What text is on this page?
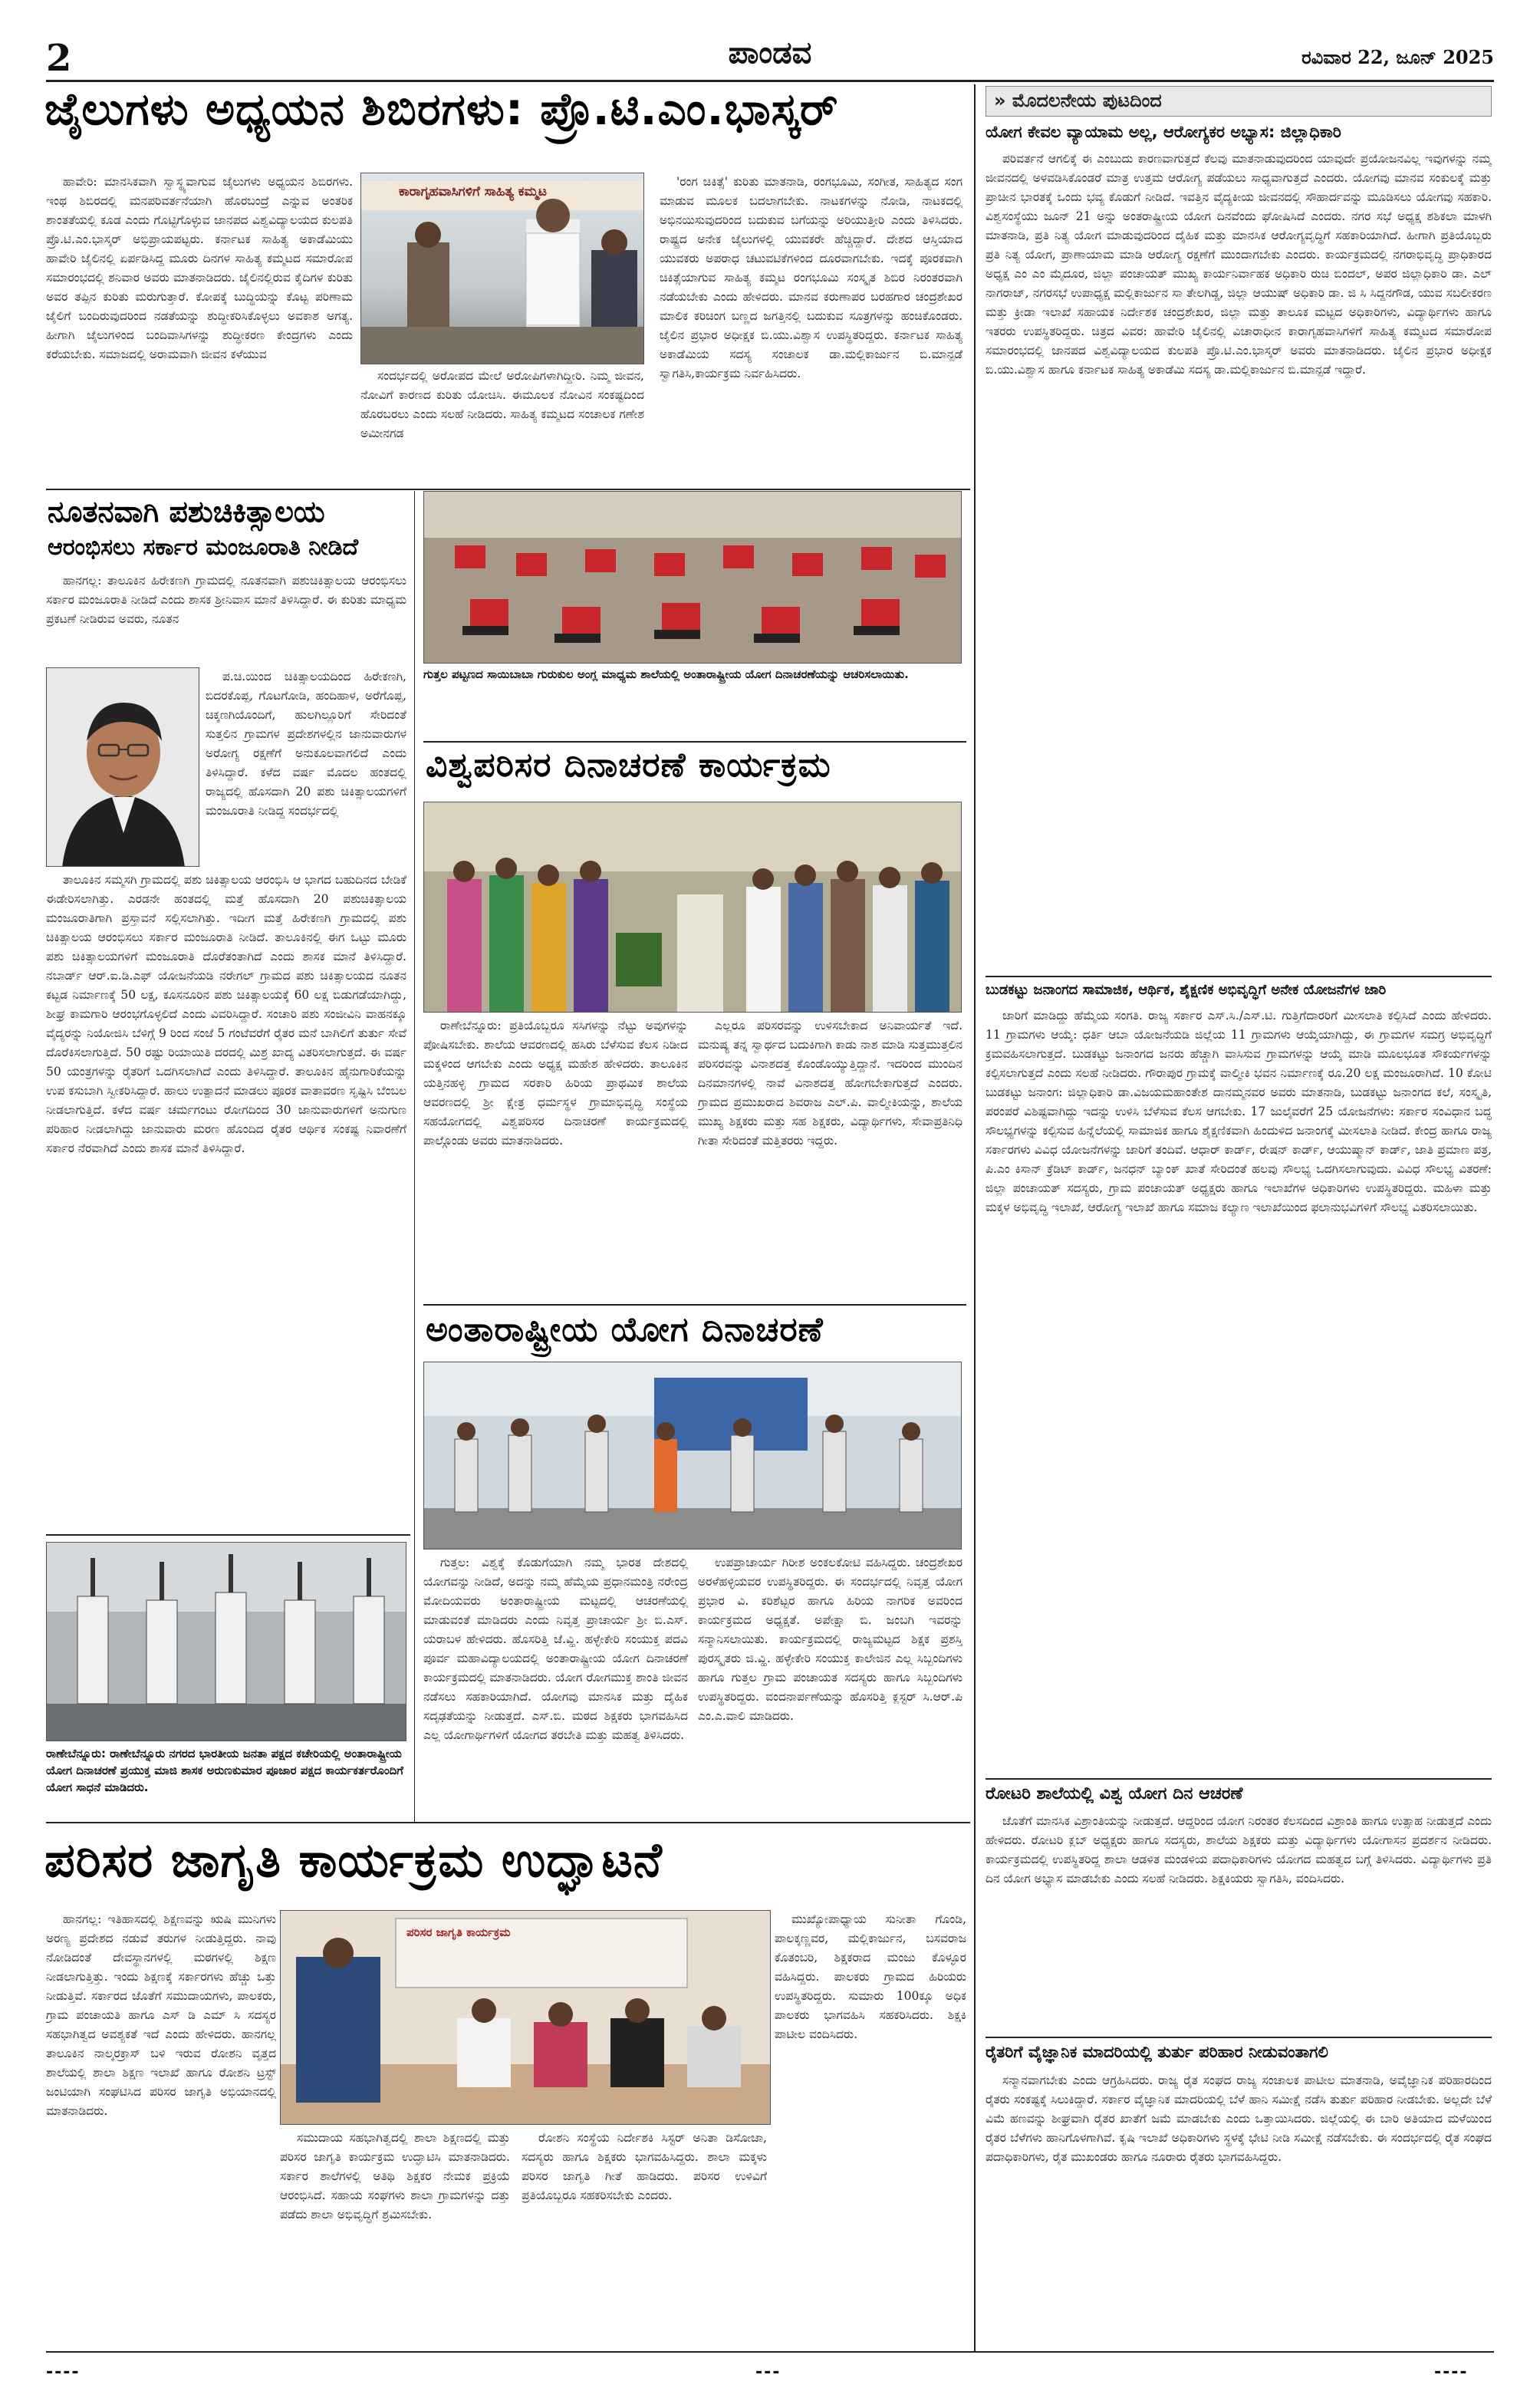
2	ಪಾಂಡವ	ರವಿವಾರ 22, ಜೂನ್ 2025
ಜೈಲುಗಳು ಅಧ್ಯಯನ ಶಿಬಿರಗಳು: ಪ್ರೊ.ಟಿ.ಎಂ.ಭಾಸ್ಕರ್

ಹಾವೇರಿ: ಮಾನಸಿಕವಾಗಿ ಸ್ವಾಸ್ಥ್ಯವಾಗುವ ಜೈಲುಗಳು ಅಧ್ಯಯನ ಶಿಬಿರಗಳು. ಇಂಥ ಶಿಬಿರದಲ್ಲಿ ಮನಪರಿವರ್ತನೆಯಾಗಿ ಹೊರಬಂದ್ರೆ ಎನ್ನುವ ಅಂತರಿಕ ಶಾಂತತೆಯಲ್ಲಿ ಕೂಡ ಎಂದು ಗೊಟ್ಟಿಗೊಳ್ಳುವ ಜಾನಪದ ವಿಶ್ವವಿದ್ಯಾಲಯದ ಕುಲಪತಿ ಪ್ರೊ.ಟಿ.ಎಂ.ಭಾಸ್ಕರ್ ಅಭಿಪ್ರಾಯಪಟ್ಟರು. ಕರ್ನಾಟಕ ಸಾಹಿತ್ಯ ಅಕಾಡೆಮಿಯು ಹಾವೇರಿ ಜೈಲಿನಲ್ಲಿ ಏರ್ಪಡಿಸಿದ್ದ ಮೂರು ದಿನಗಳ ಸಾಹಿತ್ಯ ಕಮ್ಮಟದ ಸಮಾರೋಪ ಸಮಾರಂಭದಲ್ಲಿ ಶನಿವಾರ ಅವರು ಮಾತನಾಡಿದರು. ಜೈಲಿನಲ್ಲಿರುವ ಕೈದಿಗಳ ಕುರಿತು ಅವರ ತಪ್ಪಿನ ಕುರಿತು ಮರುಗುತ್ತಾರೆ. ಕೋಪಕ್ಕೆ ಬುದ್ಧಿಯನ್ನು ಕೊಟ್ಟ ಪರಿಣಾಮ ಜೈಲಿಗೆ ಬಂದಿರುವುದರಿಂದ ನಡತೆಯನ್ನು ಶುದ್ಧೀಕರಿಸಿಕೊಳ್ಳಲು ಅವಕಾಶ ಅಗತ್ಯ. ಹೀಗಾಗಿ ಜೈಲುಗಳಿಂದ ಬಂದಿವಾಸಿಗಳನ್ನು ಶುದ್ಧೀಕರಣ ಕೇಂದ್ರಗಳು ಎಂದು ಕರೆಯಬೇಕು. ಸಮಾಜದಲ್ಲಿ ಅರಾಮವಾಗಿ ಜೀವನ ಕಳೆಯುವ

ಕಾರಾಗೃಹವಾಸಿಗಳಿಗೆ ಸಾಹಿತ್ಯ ಕಮ್ಮಟ

ಸಂದರ್ಭದಲ್ಲಿ ಅರೋಪದ ಮೇಲೆ ಅರೋಪಿಗಳಾಗಿದ್ದೀರಿ. ನಿಮ್ಮ ಜೀವನ, ನೋವಿಗೆ ಕಾರಣದ ಕುರಿತು ಯೋಚಿಸಿ. ಈಮೂಲಕ ನೋವಿನ ಸಂಕಷ್ಟದಿಂದ ಹೊರಬರಲು ಎಂದು ಸಲಹೆ ನೀಡಿದರು. ಸಾಹಿತ್ಯ ಕಮ್ಮಟದ ಸಂಚಾಲಕ ಗಣೇಶ ಅಮೀನಗಡ

'ರಂಗ ಚಿಕಿತ್ಸೆ' ಕುರಿತು ಮಾತನಾಡಿ, ರಂಗಭೂಮಿ, ಸಂಗೀತ, ಸಾಹಿತ್ಯದ ಸಂಗ ಮಾಡುವ ಮೂಲಕ ಬದಲಾಗಬೇಕು. ನಾಟಕಗಳನ್ನು ನೋಡಿ, ನಾಟಕದಲ್ಲಿ ಅಭಿನಯಿಸುವುದರಿಂದ ಬದುಕುವ ಬಗೆಯನ್ನು ಅರಿಯುತ್ತೀರಿ ಎಂದು ತಿಳಿಸಿದರು. ರಾಷ್ಟ್ರದ ಅನೇಕ ಜೈಲುಗಳಲ್ಲಿ ಯುವಕರೇ ಹೆಚ್ಚಿದ್ದಾರೆ. ದೇಶದ ಆಸ್ತಿಯಾದ ಯುವಕರು ಅಪರಾಧ ಚಟುವಟಿಕೆಗಳಿಂದ ದೂರವಾಗಬೇಕು. ಇದಕ್ಕೆ ಪೂರಕವಾಗಿ ಚಿಕಿತ್ಸೆಯಾಗುವ ಸಾಹಿತ್ಯ ಕಮ್ಮಟ ರಂಗಭೂಮಿ ಸಂಸ್ಕೃತ ಶಿಬಿರ ನಿರಂತರವಾಗಿ ನಡೆಯಬೇಕು ಎಂದು ಹೇಳಿದರು. ಮಾನವ ಕರುಣಾಪರ ಬರಹಗಾರ ಚಂದ್ರಶೇಖರ ಮಾಲಿಕ ಕರಿಚಿಂಗ ಬಣ್ಣದ ಜಗತ್ತಿನಲ್ಲಿ ಬದುಕುವ ಸೂತ್ರಗಳನ್ನು ಹಂಚಿಕೊಂಡರು. ಜೈಲಿನ ಪ್ರಭಾರ ಅಧೀಕ್ಷಕ ಬಿ.ಯು.ವಿಶ್ವಾಸ ಉಪಸ್ಥಿತರಿದ್ದರು. ಕರ್ನಾಟಕ ಸಾಹಿತ್ಯ ಅಕಾಡೆಮಿಯ ಸದಸ್ಯ ಸಂಚಾಲಕ ಡಾ.ಮಲ್ಲಿಕಾರ್ಜುನ ಬಿ.ಮಾನ್ಪಡೆ ಸ್ವಾಗತಿಸಿ,ಕಾರ್ಯಕ್ರಮ ನಿರ್ವಹಿಸಿದರು.

ನೂತನವಾಗಿ ಪಶುಚಿಕಿತ್ಸಾಲಯ
ಆರಂಭಿಸಲು ಸರ್ಕಾರ ಮಂಜೂರಾತಿ ನೀಡಿದೆ

ಹಾನಗಲ್ಲ: ತಾಲೂಕಿನ ಹಿರೇಕಣಗಿ ಗ್ರಾಮದಲ್ಲಿ ನೂತನವಾಗಿ ಪಶುಚಿಕಿತ್ಸಾಲಯ ಆರಂಭಿಸಲು ಸರ್ಕಾರ ಮಂಜೂರಾತಿ ನೀಡಿದೆ ಎಂದು ಶಾಸಕ ಶ್ರೀನಿವಾಸ ಮಾನೆ ತಿಳಿಸಿದ್ದಾರೆ. ಈ ಕುರಿತು ಮಾಧ್ಯಮ ಪ್ರಕಟಣೆ ನೀಡಿರುವ ಅವರು, ನೂತನ

ಪ.ಚಿ.ಯಿಂದ ಚಿಕಿತ್ಸಾಲಯದಿಂದ ಹಿರೇಕಣಗಿ, ಬಿದರಕೊಪ್ಪ, ಗೊಟಗೋಡಿ, ಹಂದಿಹಾಳ, ಅರೆಗೊಪ್ಪ, ಚಿಕ್ಕಣಗಿಯೊಂದಿಗೆ, ಹುಲಗಿಲ್ಲೂರಿಗೆ ಸೇರಿದಂತೆ ಸುತ್ತಲಿನ ಗ್ರಾಮಗಳ ಪ್ರದೇಶಗಳಲ್ಲಿನ ಜಾನುವಾರುಗಳ ಅರೋಗ್ಯ ರಕ್ಷಣೆಗೆ ಅನುಕೂಲವಾಗಲಿದೆ ಎಂದು ತಿಳಿಸಿದ್ದಾರೆ. ಕಳೆದ ವರ್ಷ ಮೊದಲ ಹಂತದಲ್ಲಿ ರಾಜ್ಯದಲ್ಲಿ ಹೊಸದಾಗಿ 20 ಪಶು ಚಿಕಿತ್ಸಾಲಯಗಳಿಗೆ ಮಂಜೂರಾತಿ ನೀಡಿದ್ದ ಸಂದರ್ಭದಲ್ಲಿ

ತಾಲೂಕಿನ ಸಮ್ಮಸಗಿ ಗ್ರಾಮದಲ್ಲಿ ಪಶು ಚಿಕಿತ್ಸಾಲಯ ಆರಂಭಿಸಿ ಆ ಭಾಗದ ಬಹುದಿನದ ಬೇಡಿಕೆ ಈಡೇರಿಸಲಾಗಿತ್ತು. ಎರಡನೇ ಹಂತದಲ್ಲಿ ಮತ್ತೆ ಹೊಸದಾಗಿ 20 ಪಶುಚಿಕಿತ್ಸಾಲಯ ಮಂಜೂರಾತಿಗಾಗಿ ಪ್ರಸ್ತಾವನೆ ಸಲ್ಲಿಸಲಾಗಿತ್ತು. ಇದೀಗ ಮತ್ತೆ ಹಿರೇಕಣಗಿ ಗ್ರಾಮದಲ್ಲಿ ಪಶು ಚಿಕಿತ್ಸಾಲಯ ಆರಂಭಿಸಲು ಸರ್ಕಾರ ಮಂಜೂರಾತಿ ನೀಡಿದೆ. ತಾಲೂಕಿನಲ್ಲಿ ಈಗ ಒಟ್ಟು ಮೂರು ಪಶು ಚಿಕಿತ್ಸಾಲಯಗಳಿಗೆ ಮಂಜೂರಾತಿ ದೊರೆತಂತಾಗಿದೆ ಎಂದು ಶಾಸಕ ಮಾನೆ ತಿಳಿಸಿದ್ದಾರೆ. ನಬಾರ್ಡ್ ಆರ್.ಐ.ಡಿ.ಎಫ್ ಯೋಜನೆಯಡಿ ನರೇಗಲ್ ಗ್ರಾಮದ ಪಶು ಚಿಕಿತ್ಸಾಲಯದ ನೂತನ ಕಟ್ಟಡ ನಿರ್ಮಾಣಕ್ಕೆ 50 ಲಕ್ಷ, ಕೂಸನೂರಿನ ಪಶು ಚಿಕಿತ್ಸಾಲಯಕ್ಕೆ 60 ಲಕ್ಷ ಬಿಡುಗಡೆಯಾಗಿದ್ದು, ಶೀಘ್ರ ಕಾಮಗಾರಿ ಆರಂಭಗೊಳ್ಳಲಿದೆ ಎಂದು ವಿವರಿಸಿದ್ದಾರೆ. ಸಂಚಾರಿ ಪಶು ಸಂಜೀವಿನಿ ವಾಹನಕ್ಕೂ ವೈದ್ಯರನ್ನು ನಿಯೋಜಿಸಿ ಬೆಳಿಗ್ಗೆ 9 ರಿಂದ ಸಂಜೆ 5 ಗಂಟೆವರೆಗೆ ರೈತರ ಮನೆ ಬಾಗಿಲಿಗೆ ತುರ್ತು ಸೇವೆ ದೊರೆಕಿಸಲಾಗುತ್ತಿದೆ. 50 ರಷ್ಟು ರಿಯಾಯಿತಿ ದರದಲ್ಲಿ ಮಿಶ್ರ ಖಾದ್ಯ ವಿತರಿಸಲಾಗುತ್ತದೆ. ಈ ವರ್ಷ 50 ಯಂತ್ರಗಳನ್ನು ರೈತರಿಗೆ ಒದಗಿಸಲಾಗಿದೆ ಎಂದು ತಿಳಿಸಿದ್ದಾರೆ. ತಾಲೂಕಿನ ಹೈನುಗಾರಿಕೆಯನ್ನು ಉಪ ಕಸುಬಾಗಿ ಸ್ವೀಕರಿಸಿದ್ದಾರೆ. ಹಾಲು ಉತ್ಪಾದನೆ ಮಾಡಲು ಪೂರಕ ವಾತಾವರಣ ಸೃಷ್ಟಿಸಿ ಬೆಂಬಲ ನೀಡಲಾಗುತ್ತಿದೆ. ಕಳೆದ ವರ್ಷ ಚರ್ಮಗಂಟು ರೋಗದಿಂದ 30 ಜಾನುವಾರುಗಳಿಗೆ ಅನುಗುಣ ಪರಿಹಾರ ನೀಡಲಾಗಿದ್ದು ಜಾನುವಾರು ಮರಣ ಹೊಂದಿದ ರೈತರ ಆರ್ಥಿಕ ಸಂಕಷ್ಟ ನಿವಾರಣೆಗೆ ಸರ್ಕಾರ ನೆರವಾಗಿದೆ ಎಂದು ಶಾಸಕ ಮಾನೆ ತಿಳಿಸಿದ್ದಾರೆ.

ಗುತ್ತಲ ಪಟ್ಟಣದ ಸಾಯಿಬಾಬಾ ಗುರುಕುಲ ಅಂಗ್ಲ ಮಾಧ್ಯಮ ಶಾಲೆಯಲ್ಲಿ ಅಂತಾರಾಷ್ಟ್ರೀಯ ಯೋಗ ದಿನಾಚರಣೆಯನ್ನು ಆಚರಿಸಲಾಯಿತು.
ವಿಶ್ವಪರಿಸರ ದಿನಾಚರಣೆ ಕಾರ್ಯಕ್ರಮ

ರಾಣೇಬೆನ್ನೂರು: ಪ್ರತಿಯೊಬ್ಬರೂ ಸಸಿಗಳನ್ನು ನೆಟ್ಟು ಅವುಗಳನ್ನು ಪೋಷಿಸಬೇಕು. ಶಾಲೆಯ ಆವರಣದಲ್ಲಿ ಹಸಿರು ಬೆಳೆಸುವ ಕೆಲಸ ನಿಡೀದ ಮಕ್ಕಳಿಂದ ಆಗಬೇಕು ಎಂದು ಅಧ್ಯಕ್ಷ ಮಹೇಶ ಹೇಳಿದರು. ತಾಲೂಕಿನ ಯತ್ತಿನಹಳ್ಳಿ ಗ್ರಾಮದ ಸರಕಾರಿ ಹಿರಿಯ ಪ್ರಾಥಮಿಕ ಶಾಲೆಯ ಆವರಣದಲ್ಲಿ ಶ್ರೀ ಕ್ಷೇತ್ರ ಧರ್ಮಸ್ಥಳ ಗ್ರಾಮಾಭಿವೃದ್ಧಿ ಸಂಸ್ಥೆಯ ಸಹಯೋಗದಲ್ಲಿ ವಿಶ್ವಪರಿಸರ ದಿನಾಚರಣೆ ಕಾರ್ಯಕ್ರಮದಲ್ಲಿ ಪಾಲ್ಗೊಂಡು ಅವರು ಮಾತನಾಡಿದರು.

ಎಲ್ಲರೂ ಪರಿಸರವನ್ನು ಉಳಿಸಬೇಕಾದ ಅನಿವಾರ್ಯತೆ ಇದೆ. ಮನುಷ್ಯ ತನ್ನ ಸ್ವಾರ್ಥದ ಬದುಕಿಗಾಗಿ ಕಾಡು ನಾಶ ಮಾಡಿ ಸುತ್ತಮುತ್ತಲಿನ ಪರಿಸರವನ್ನು ವಿನಾಶದತ್ತ ಕೊಂಡೊಯ್ಯುತ್ತಿದ್ದಾನೆ. ಇದರಿಂದ ಮುಂದಿನ ದಿನಮಾನಗಳಲ್ಲಿ ನಾವೆ ವಿನಾಶದತ್ತ ಹೋಗಬೇಕಾಗುತ್ತದೆ ಎಂದರು. ಗ್ರಾಮದ ಪ್ರಮುಖರಾದ ಶಿವರಾಜ ಎಲ್.ಪಿ. ವಾಲ್ಮೀಕಿಯನ್ನು, ಶಾಲೆಯ ಮುಖ್ಯ ಶಿಕ್ಷಕರು ಮತ್ತು ಸಹ ಶಿಕ್ಷಕರು, ವಿದ್ಯಾರ್ಥಿಗಳು, ಸೇವಾಪ್ರತಿನಿಧಿ ಗೀತಾ ಸೇರಿದಂತೆ ಮತ್ತಿತರರು ಇದ್ದರು.

ಅಂತಾರಾಷ್ಟ್ರೀಯ ಯೋಗ ದಿನಾಚರಣೆ

ಗುತ್ತಲ: ವಿಶ್ವಕ್ಕೆ ಕೊಡುಗೆಯಾಗಿ ನಮ್ಮ ಭಾರತ ದೇಶದಲ್ಲಿ ಯೋಗವನ್ನು ನೀಡಿದೆ, ಅದನ್ನು ನಮ್ಮ ಹೆಮ್ಮೆಯ ಪ್ರಧಾನಮಂತ್ರಿ ನರೇಂದ್ರ ಮೋದಿಯವರು ಅಂತಾರಾಷ್ಟ್ರೀಯ ಮಟ್ಟದಲ್ಲಿ ಆಚರಣೆಯಲ್ಲಿ ಮಾಡುವಂತೆ ಮಾಡಿದರು ಎಂದು ನಿವೃತ್ತ ಪ್ರಾಚಾರ್ಯ ಶ್ರೀ ಬಿ.ಎಸ್. ಯರಾಬಳ ಹೇಳಿದರು. ಹೊಸರಿತ್ತಿ ಜೆ.ವ್ಹಿ. ಹಳ್ಳೇಕೇರಿ ಸಂಯುಕ್ತ ಪದವಿ ಪೂರ್ವ ಮಹಾವಿದ್ಯಾಲಯದಲ್ಲಿ ಅಂತಾರಾಷ್ಟ್ರೀಯ ಯೋಗ ದಿನಾಚರಣೆ ಕಾರ್ಯಕ್ರಮದಲ್ಲಿ ಮಾತನಾಡಿದರು. ಯೋಗ ರೋಗಮುಕ್ತ ಶಾಂತಿ ಜೀವನ ನಡೆಸಲು ಸಹಕಾರಿಯಾಗಿದೆ. ಯೋಗವು ಮಾನಸಿಕ ಮತ್ತು ದೈಹಿಕ ಸದೃಢತೆಯನ್ನು ನೀಡುತ್ತದೆ. ಎಸ್.ಬಿ. ಮಠದ ಶಿಕ್ಷಕರು ಭಾಗವಹಿಸಿದ ಎಲ್ಲ ಯೋಗಾರ್ಥಿಗಳಿಗೆ ಯೋಗದ ತರಬೇತಿ ಮತ್ತು ಮಹತ್ವ ತಿಳಿಸಿದರು.

ಉಪಪ್ರಾಚಾರ್ಯ ಗಿರೀಶ ಅಂಕಲಕೋಟಿ ವಹಿಸಿದ್ದರು. ಚಂದ್ರಶೇಖರ ಅರಳೆಹಳ್ಳಿಯವರ ಉಪಸ್ಥಿತರಿದ್ದರು. ಈ ಸಂದರ್ಭದಲ್ಲಿ ನಿವೃತ್ತ ಯೋಗ ಪ್ರಭಾರ ವಿ. ಕರಿಶೆಟ್ಟರ ಹಾಗೂ ಹಿರಿಯ ನಾಗರಿಕ ಅವರಿಂದ ಕಾರ್ಯಕ್ರಮದ ಅಧ್ಯಕ್ಷತೆ. ಅಪೇಕ್ಷಾ ಬಿ. ಜಂಬಗಿ ಇವರನ್ನು ಸನ್ಮಾನಿಸಲಾಯಿತು. ಕಾರ್ಯಕ್ರಮದಲ್ಲಿ ರಾಜ್ಯಮಟ್ಟದ ಶಿಕ್ಷಕ ಪ್ರಶಸ್ತಿ ಪುರಸ್ಕೃತರು ಜಿ.ವ್ಹಿ. ಹಳ್ಳೇಕೇರಿ ಸಂಯುಕ್ತ ಕಾಲೇಜಿನ ಎಲ್ಲ ಸಿಬ್ಬಂದಿಗಳು ಹಾಗೂ ಗುತ್ತಲ ಗ್ರಾಮ ಪಂಚಾಯತ ಸದಸ್ಯರು ಹಾಗೂ ಸಿಬ್ಬಂದಿಗಳು ಉಪಸ್ಥಿತರಿದ್ದರು. ವಂದನಾರ್ಪಣೆಯನ್ನು ಹೊಸರಿತ್ತಿ ಕ್ಲಸ್ಟರ್ ಸಿ.ಆರ್.ಪಿ ಎಂ.ಎ.ವಾಲಿ ಮಾಡಿದರು.

ರಾಣೇಬೆನ್ನೂರು: ರಾಣೇಬೆನ್ನೂರು ನಗರದ ಭಾರತೀಯ ಜನತಾ ಪಕ್ಷದ ಕಚೇರಿಯಲ್ಲಿ ಅಂತಾರಾಷ್ಟ್ರೀಯ ಯೋಗ ದಿನಾಚರಣೆ ಪ್ರಯುಕ್ತ ಮಾಜಿ ಶಾಸಕ ಅರುಣಕುಮಾರ ಪೂಜಾರ ಪಕ್ಷದ ಕಾರ್ಯಕರ್ತರೊಂದಿಗೆ ಯೋಗ ಸಾಧನೆ ಮಾಡಿದರು.
ಪರಿಸರ ಜಾಗೃತಿ ಕಾರ್ಯಕ್ರಮ ಉದ್ಘಾಟನೆ

ಹಾನಗಲ್ಲ: ಇತಿಹಾಸದಲ್ಲಿ ಶಿಕ್ಷಣವನ್ನು ಋಷಿ ಮುನಿಗಳು ಅರಣ್ಯ ಪ್ರದೇಶದ ನಡುವೆ ತರುಗಳ ನೀಡುತ್ತಿದ್ದರು. ನಾವು ನೋಡಿದಂತೆ ದೇವಸ್ಥಾನಗಳಲ್ಲಿ ಮಠಗಳಲ್ಲಿ ಶಿಕ್ಷಣ ನೀಡಲಾಗುತ್ತಿತ್ತು. ಇಂದು ಶಿಕ್ಷಣಕ್ಕೆ ಸರ್ಕಾರಗಳು ಹೆಚ್ಚು ಒತ್ತು ನೀಡುತ್ತಿವೆ. ಸರ್ಕಾರದ ಜೊತೆಗೆ ಸಮುದಾಯಗಳು, ಪಾಲಕರು, ಗ್ರಾಮ ಪಂಚಾಯತಿ ಹಾಗೂ ಎಸ್ ಡಿ ಎಮ್ ಸಿ ಸದಸ್ಯರ ಸಹಭಾಗಿತ್ವದ ಅವಶ್ಯಕತೆ ಇದೆ ಎಂದು ಹೇಳಿದರು. ಹಾನಗಲ್ಲ ತಾಲೂಕಿನ ನಾಲ್ಕರಕ್ರಾಸ್ ಬಳಿ ಇರುವ ರೋಶನಿ ವೃತ್ತದ ಶಾಲೆಯಲ್ಲಿ ಶಾಲಾ ಶಿಕ್ಷಣ ಇಲಾಖೆ ಹಾಗೂ ರೋಶನಿ ಟ್ರಸ್ಟ್ ಜಂಟಿಯಾಗಿ ಸಂಘಟಿಸಿದ ಪರಿಸರ ಜಾಗೃತಿ ಅಭಿಯಾನದಲ್ಲಿ ಮಾತನಾಡಿದರು.

ಪರಿಸರ ಜಾಗೃತಿ ಕಾರ್ಯಕ್ರಮ

ಸಮುದಾಯ ಸಹಭಾಗಿತ್ವದಲ್ಲಿ ಶಾಲಾ ಶಿಕ್ಷಣದಲ್ಲಿ ಮತ್ತು ಪರಿಸರ ಜಾಗೃತಿ ಕಾರ್ಯಕ್ರಮ ಉದ್ಘಾಟಿಸಿ ಮಾತನಾಡಿದರು. ಸರ್ಕಾರ ಶಾಲೆಗಳಲ್ಲಿ ಅತಿಥಿ ಶಿಕ್ಷಕರ ನೇಮಕ ಪ್ರಕ್ರಿಯೆ ಆರಂಭಿಸಿದೆ. ಸಹಾಯ ಸಂಘಗಳು ಶಾಲಾ ಗ್ರಾಮಗಳನ್ನು ದತ್ತು ಪಡೆದು ಶಾಲಾ ಅಭಿವೃದ್ಧಿಗೆ ಶ್ರಮಿಸಬೇಕು.

ರೋಶನಿ ಸಂಸ್ಥೆಯ ನಿರ್ದೇಶಕಿ ಸಿಸ್ಟರ್ ಅನಿತಾ ಡಿಸೋಜಾ, ಸದಸ್ಯರು ಹಾಗೂ ಶಿಕ್ಷಕರು ಭಾಗವಹಿಸಿದ್ದರು. ಶಾಲಾ ಮಕ್ಕಳು ಪರಿಸರ ಜಾಗೃತಿ ಗೀತೆ ಹಾಡಿದರು. ಪರಿಸರ ಉಳಿವಿಗೆ ಪ್ರತಿಯೊಬ್ಬರೂ ಸಹಕರಿಸಬೇಕು ಎಂದರು.

ಮುಖ್ಯೋಪಾಧ್ಯಾಯ ಸುನೀತಾ ಗೊಂಡಿ, ಪಾಲಕ್ಕಣ್ಣವರ, ಮಲ್ಲಿಕಾರ್ಜುನ, ಬಸವರಾಜ ಕೊತಂಬರಿ, ಶಿಕ್ಷಕರಾದ ಮಂಜು ಕೊಳ್ಳೂರ ವಹಿಸಿದ್ದರು. ಪಾಲಕರು ಗ್ರಾಮದ ಹಿರಿಯರು ಉಪಸ್ಥಿತರಿದ್ದರು. ಸುಮಾರು 100ಕ್ಕೂ ಅಧಿಕ ಪಾಲಕರು ಭಾಗವಹಿಸಿ ಸಹಕರಿಸಿದರು. ಶಿಕ್ಷಕಿ ಪಾಟೀಲ ವಂದಿಸಿದರು.

» ಮೊದಲನೇಯ ಪುಟದಿಂದ
ಯೋಗ ಕೇವಲ ವ್ಯಾಯಾಮ ಅಲ್ಲ, ಆರೋಗ್ಯಕರ ಅಭ್ಯಾಸ: ಜಿಲ್ಲಾಧಿಕಾರಿ

ಪರಿವರ್ತನೆ ಆಗಲಿಕ್ಕೆ ಈ ಎಂಬುದು ಕಾರಣವಾಗುತ್ತದೆ ಕೆಲವು ಮಾತನಾಡುವುದರಿಂದ ಯಾವುದೇ ಪ್ರಯೋಜನವಿಲ್ಲ ಇವುಗಳನ್ನು ನಮ್ಮ ಜೀವನದಲ್ಲಿ ಅಳವಡಿಸಿಕೊಂಡರೆ ಮಾತ್ರ ಉತ್ತಮ ಆರೋಗ್ಯ ಪಡೆಯಲು ಸಾಧ್ಯವಾಗುತ್ತದೆ ಎಂದರು. ಯೋಗವು ಮಾನವ ಸಂಕುಲಕ್ಕೆ ಮತ್ತು ಪ್ರಾಚೀನ ಭಾರತಕ್ಕೆ ಒಂದು ಭವ್ಯ ಕೊಡುಗೆ ನೀಡಿದೆ. ಇವತ್ತಿನ ವೈದ್ಯಕೀಯ ಜೀವನದಲ್ಲಿ ಸೌಹಾರ್ದವನ್ನು ಮೂಡಿಸಲು ಯೋಗವು ಸಹಕಾರಿ. ವಿಶ್ವಸಂಸ್ಥೆಯು ಜೂನ್ 21 ಅನ್ನು ಅಂತರಾಷ್ಟ್ರೀಯ ಯೋಗ ದಿನವೆಂದು ಘೋಷಿಸಿದೆ ಎಂದರು. ನಗರ ಸಭೆ ಅಧ್ಯಕ್ಷ ಶಶಿಕಲಾ ಮಾಳಗಿ ಮಾತನಾಡಿ, ಪ್ರತಿ ನಿತ್ಯ ಯೋಗ ಮಾಡುವುದರಿಂದ ದೈಹಿಕ ಮತ್ತು ಮಾನಸಿಕ ಆರೋಗ್ಯವೃದ್ಧಿಗೆ ಸಹಕಾರಿಯಾಗಿದೆ. ಹೀಗಾಗಿ ಪ್ರತಿಯೊಬ್ಬರು ಪ್ರತಿ ನಿತ್ಯ ಯೋಗ, ಪ್ರಾಣಾಯಾಮ ಮಾಡಿ ಆರೋಗ್ಯ ರಕ್ಷಣೆಗೆ ಮುಂದಾಗಬೇಕು ಎಂದರು. ಕಾರ್ಯಕ್ರಮದಲ್ಲಿ ನಗರಾಭಿವೃದ್ಧಿ ಪ್ರಾಧಿಕಾರದ ಅಧ್ಯಕ್ಷ ಎಂ ಎಂ ಮೈದೂರ, ಜಿಲ್ಲಾ ಪಂಚಾಯತ್ ಮುಖ್ಯ ಕಾರ್ಯನಿರ್ವಾಹಕ ಅಧಿಕಾರಿ ರುಚಿ ಬಿಂದಲ್, ಅಪರ ಜಿಲ್ಲಾಧಿಕಾರಿ ಡಾ. ಎಲ್ ನಾಗರಾಜ್, ನಗರಸಭೆ ಉಪಾಧ್ಯಕ್ಷ ಮಲ್ಲಿಕಾರ್ಜುನ ಸಾ ತೇಲಗಿಡ್ಡ, ಜಿಲ್ಲಾ ಆಯುಷ್ ಅಧಿಕಾರಿ ಡಾ. ಜಿ ಸಿ ಸಿದ್ದನಗೌಡ, ಯುವ ಸಬಲೀಕರಣ ಮತ್ತು ಕ್ರೀಡಾ ಇಲಾಖೆ ಸಹಾಯಕ ನಿರ್ದೇಶಕ ಚಂದ್ರಶೇಖರ, ಜಿಲ್ಲಾ ಮತ್ತು ತಾಲೂಕ ಮಟ್ಟದ ಅಧಿಕಾರಿಗಳು, ವಿದ್ಯಾರ್ಥಿಗಳು ಹಾಗೂ ಇತರರು ಉಪಸ್ಥಿತರಿದ್ದರು. ಚಿತ್ರದ ವಿವರ: ಹಾವೇರಿ ಜೈಲಿನಲ್ಲಿ ವಿಚಾರಾಧೀನ ಕಾರಾಗೃಹವಾಸಿಗಳಿಗೆ ಸಾಹಿತ್ಯ ಕಮ್ಮಟದ ಸಮಾರೋಪ ಸಮಾರಂಭದಲ್ಲಿ ಜಾನಪದ ವಿಶ್ವವಿದ್ಯಾಲಯದ ಕುಲಪತಿ ಪ್ರೊ.ಟಿ.ಎಂ.ಭಾಸ್ಕರ್ ಅವರು ಮಾತನಾಡಿದರು. ಜೈಲಿನ ಪ್ರಭಾರ ಅಧೀಕ್ಷಕ ಬಿ.ಯು.ವಿಶ್ವಾಸ ಹಾಗೂ ಕರ್ನಾಟಕ ಸಾಹಿತ್ಯ ಅಕಾಡೆಮಿ ಸದಸ್ಯ ಡಾ.ಮಲ್ಲಿಕಾರ್ಜುನ ಬಿ.ಮಾನ್ಪಡೆ ಇದ್ದಾರೆ.

ಬುಡಕಟ್ಟು ಜನಾಂಗದ ಸಾಮಾಜಿಕ, ಆರ್ಥಿಕ, ಶೈಕ್ಷಣಿಕ ಅಭಿವೃದ್ಧಿಗೆ ಅನೇಕ ಯೋಜನೆಗಳ ಜಾರಿ

ಜಾರಿಗೆ ಮಾಡಿದ್ದು ಹೆಮ್ಮೆಯ ಸಂಗತಿ. ರಾಜ್ಯ ಸರ್ಕಾರ ಎಸ್.ಸಿ./ಎಸ್.ಟಿ. ಗುತ್ತಿಗೆದಾರರಿಗೆ ಮೀಸಲಾತಿ ಕಲ್ಪಿಸಿದೆ ಎಂದು ಹೇಳಿದರು. 11 ಗ್ರಾಮಗಳು ಆಯ್ಕೆ: ಧರ್ತಿ ಆಬಾ ಯೋಜನೆಯಡಿ ಜಿಲ್ಲೆಯ 11 ಗ್ರಾಮಗಳು ಆಯ್ಕೆಯಾಗಿದ್ದು, ಈ ಗ್ರಾಮಗಳ ಸಮಗ್ರ ಅಭಿವೃದ್ಧಿಗೆ ಕ್ರಮವಹಿಸಲಾಗುತ್ತದೆ. ಬುಡಕಟ್ಟು ಜನಾಂಗದ ಜನರು ಹೆಚ್ಚಾಗಿ ವಾಸಿಸುವ ಗ್ರಾಮಗಳನ್ನು ಆಯ್ಕೆ ಮಾಡಿ ಮೂಲಭೂತ ಸೌಕರ್ಯಗಳನ್ನು ಕಲ್ಪಿಸಲಾಗುತ್ತದೆ ಎಂದು ಸಲಹೆ ನೀಡಿದರು. ಗೌರಾಪುರ ಗ್ರಾಮಕ್ಕೆ ವಾಲ್ಮೀಕಿ ಭವನ ನಿರ್ಮಾಣಕ್ಕೆ ರೂ.20 ಲಕ್ಷ ಮಂಜೂರಾಗಿದೆ. 10 ಕೋಟಿ ಬುಡಕಟ್ಟು ಜನಾಂಗ: ಜಿಲ್ಲಾಧಿಕಾರಿ ಡಾ.ವಿಜಯಮಹಾಂತೇಶ ದಾನಮ್ಮನವರ ಅವರು ಮಾತನಾಡಿ, ಬುಡಕಟ್ಟು ಜನಾಂಗದ ಕಲೆ, ಸಂಸ್ಕೃತಿ, ಪರಂಪರೆ ವಿಶಿಷ್ಟವಾಗಿದ್ದು ಇದನ್ನು ಉಳಿಸಿ ಬೆಳೆಸುವ ಕೆಲಸ ಆಗಬೇಕು. 17 ಜುಲೈವರೆಗೆ 25 ಯೋಜನೆಗಳು: ಸರ್ಕಾರ ಸಂವಿಧಾನ ಬದ್ಧ ಸೌಲಭ್ಯಗಳನ್ನು ಕಲ್ಪಿಸುವ ಹಿನ್ನೆಲೆಯಲ್ಲಿ ಸಾಮಾಜಿಕ ಹಾಗೂ ಶೈಕ್ಷಣಿಕವಾಗಿ ಹಿಂದುಳಿದ ಜನಾಂಗಕ್ಕೆ ಮೀಸಲಾತಿ ನೀಡಿದೆ. ಕೇಂದ್ರ ಹಾಗೂ ರಾಜ್ಯ ಸರ್ಕಾರಗಳು ವಿವಿಧ ಯೋಜನೆಗಳನ್ನು ಜಾರಿಗೆ ತಂದಿವೆ. ಆಧಾರ್ ಕಾರ್ಡ್, ರೇಷನ್ ಕಾರ್ಡ್, ಆಯುಷ್ಮಾನ್ ಕಾರ್ಡ್, ಜಾತಿ ಪ್ರಮಾಣ ಪತ್ರ, ಪಿ.ಎಂ ಕಿಸಾನ್ ಕ್ರೆಡಿಟ್ ಕಾರ್ಡ್, ಜನಧನ್ ಬ್ಯಾಂಕ್ ಖಾತೆ ಸೇರಿದಂತೆ ಹಲವು ಸೌಲಭ್ಯ ಒದಗಿಸಲಾಗುವುದು. ವಿವಿಧ ಸೌಲಭ್ಯ ವಿತರಣೆ: ಜಿಲ್ಲಾ ಪಂಚಾಯತ್ ಸದಸ್ಯರು, ಗ್ರಾಮ ಪಂಚಾಯತ್ ಅಧ್ಯಕ್ಷರು ಹಾಗೂ ಇಲಾಖೆಗಳ ಅಧಿಕಾರಿಗಳು ಉಪಸ್ಥಿತರಿದ್ದರು. ಮಹಿಳಾ ಮತ್ತು ಮಕ್ಕಳ ಅಭಿವೃದ್ಧಿ ಇಲಾಖೆ, ಆರೋಗ್ಯ ಇಲಾಖೆ ಹಾಗೂ ಸಮಾಜ ಕಲ್ಯಾಣ ಇಲಾಖೆಯಿಂದ ಫಲಾನುಭವಿಗಳಿಗೆ ಸೌಲಭ್ಯ ವಿತರಿಸಲಾಯಿತು.

ರೋಟರಿ ಶಾಲೆಯಲ್ಲಿ ವಿಶ್ವ ಯೋಗ ದಿನ ಆಚರಣೆ

ಜೊತೆಗೆ ಮಾನಸಿಕ ವಿಶ್ರಾಂತಿಯನ್ನು ನೀಡುತ್ತದೆ. ಆದ್ದರಿಂದ ಯೋಗ ನಿರಂತರ ಕೆಲಸದಿಂದ ವಿಶ್ರಾಂತಿ ಹಾಗೂ ಉತ್ಸಾಹ ನೀಡುತ್ತದೆ ಎಂದು ಹೇಳಿದರು. ರೋಟರಿ ಕ್ಲಬ್ ಅಧ್ಯಕ್ಷರು ಹಾಗೂ ಸದಸ್ಯರು, ಶಾಲೆಯ ಶಿಕ್ಷಕರು ಮತ್ತು ವಿದ್ಯಾರ್ಥಿಗಳು ಯೋಗಾಸನ ಪ್ರದರ್ಶನ ನೀಡಿದರು. ಕಾರ್ಯಕ್ರಮದಲ್ಲಿ ಉಪಸ್ಥಿತರಿದ್ದ ಶಾಲಾ ಆಡಳಿತ ಮಂಡಳಿಯ ಪದಾಧಿಕಾರಿಗಳು ಯೋಗದ ಮಹತ್ವದ ಬಗ್ಗೆ ತಿಳಿಸಿದರು. ವಿದ್ಯಾರ್ಥಿಗಳು ಪ್ರತಿ ದಿನ ಯೋಗ ಅಭ್ಯಾಸ ಮಾಡಬೇಕು ಎಂದು ಸಲಹೆ ನೀಡಿದರು. ಶಿಕ್ಷಕಿಯರು ಸ್ವಾಗತಿಸಿ, ವಂದಿಸಿದರು.

ರೈತರಿಗೆ ವೈಜ್ಞಾನಿಕ ಮಾದರಿಯಲ್ಲಿ ತುರ್ತು ಪರಿಹಾರ ನೀಡುವಂತಾಗಲಿ

ಸನ್ಮಾನವಾಗಬೇಕು ಎಂದು ಆಗ್ರಹಿಸಿದರು. ರಾಜ್ಯ ರೈತ ಸಂಘದ ರಾಜ್ಯ ಸಂಚಾಲಕ ಪಾಟೀಲ ಮಾತನಾಡಿ, ಅವೈಜ್ಞಾನಿಕ ಪರಿಹಾರದಿಂದ ರೈತರು ಸಂಕಷ್ಟಕ್ಕೆ ಸಿಲುಕಿದ್ದಾರೆ. ಸರ್ಕಾರ ವೈಜ್ಞಾನಿಕ ಮಾದರಿಯಲ್ಲಿ ಬೆಳೆ ಹಾನಿ ಸಮೀಕ್ಷೆ ನಡೆಸಿ ತುರ್ತು ಪರಿಹಾರ ನೀಡಬೇಕು. ಅಲ್ಲದೇ ಬೆಳೆ ವಿಮೆ ಹಣವನ್ನು ಶೀಘ್ರವಾಗಿ ರೈತರ ಖಾತೆಗೆ ಜಮೆ ಮಾಡಬೇಕು ಎಂದು ಒತ್ತಾಯಿಸಿದರು. ಜಿಲ್ಲೆಯಲ್ಲಿ ಈ ಬಾರಿ ಅತಿಯಾದ ಮಳೆಯಿಂದ ರೈತರ ಬೆಳೆಗಳು ಹಾನಿಗೊಳಗಾಗಿವೆ. ಕೃಷಿ ಇಲಾಖೆ ಅಧಿಕಾರಿಗಳು ಸ್ಥಳಕ್ಕೆ ಭೇಟಿ ನೀಡಿ ಸಮೀಕ್ಷೆ ನಡೆಸಬೇಕು. ಈ ಸಂದರ್ಭದಲ್ಲಿ ರೈತ ಸಂಘದ ಪದಾಧಿಕಾರಿಗಳು, ರೈತ ಮುಖಂಡರು ಹಾಗೂ ನೂರಾರು ರೈತರು ಭಾಗವಹಿಸಿದ್ದರು.

----	---	----
